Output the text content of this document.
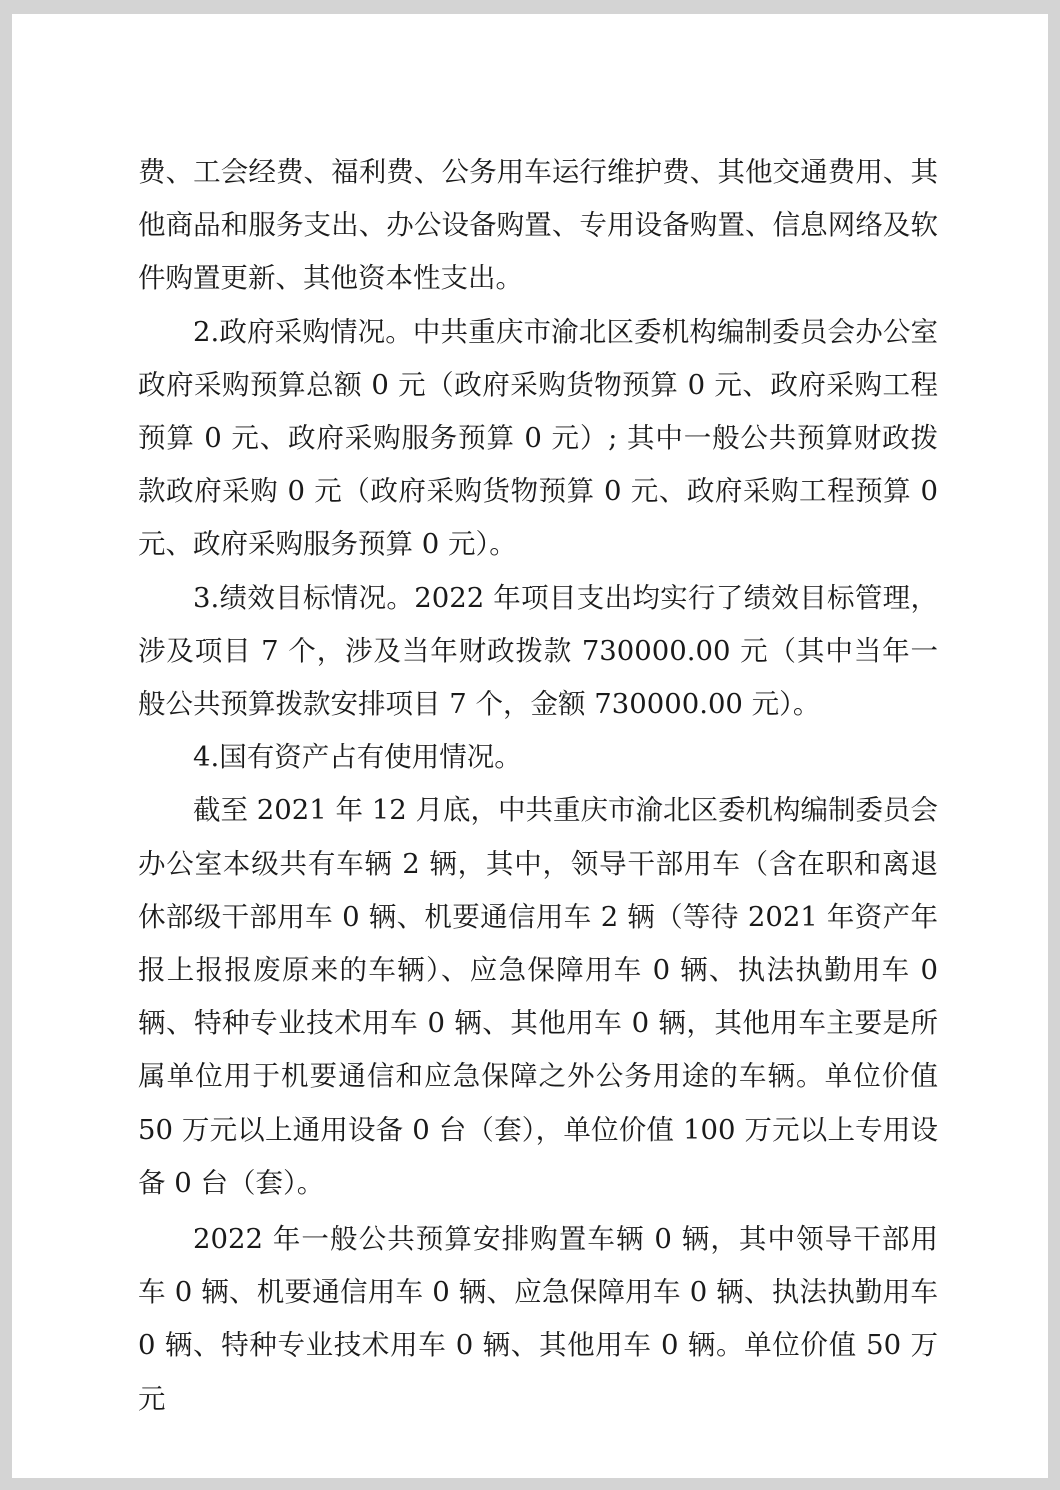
费、工会经费、福利费、公务用车运行维护费、其他交通费用、其他商品和服务支出、办公设备购置、专用设备购置、信息网络及软件购置更新、其他资本性支出。

2.政府采购情况。中共重庆市渝北区委机构编制委员会办公室政府采购预算总额 0 元（政府采购货物预算 0 元、政府采购工程预算 0 元、政府采购服务预算 0 元）; 其中一般公共预算财政拨款政府采购 0 元（政府采购货物预算 0 元、政府采购工程预算 0 元、政府采购服务预算 0 元）。

3.绩效目标情况。2022 年项目支出均实行了绩效目标管理，涉及项目 7 个，涉及当年财政拨款 730000.00 元（其中当年一般公共预算拨款安排项目 7 个，金额 730000.00 元）。

4.国有资产占有使用情况。

截至 2021 年 12 月底，中共重庆市渝北区委机构编制委员会办公室本级共有车辆 2 辆，其中，领导干部用车（含在职和离退休部级干部用车 0 辆、机要通信用车 2 辆（等待 2021 年资产年报上报报废原来的车辆）、应急保障用车 0 辆、执法执勤用车 0 辆、特种专业技术用车 0 辆、其他用车 0 辆，其他用车主要是所属单位用于机要通信和应急保障之外公务用途的车辆。单位价值 50 万元以上通用设备 0 台（套），单位价值 100 万元以上专用设备 0 台（套）。

2022 年一般公共预算安排购置车辆 0 辆，其中领导干部用车 0 辆、机要通信用车 0 辆、应急保障用车 0 辆、执法执勤用车 0 辆、特种专业技术用车 0 辆、其他用车 0 辆。单位价值 50 万元
